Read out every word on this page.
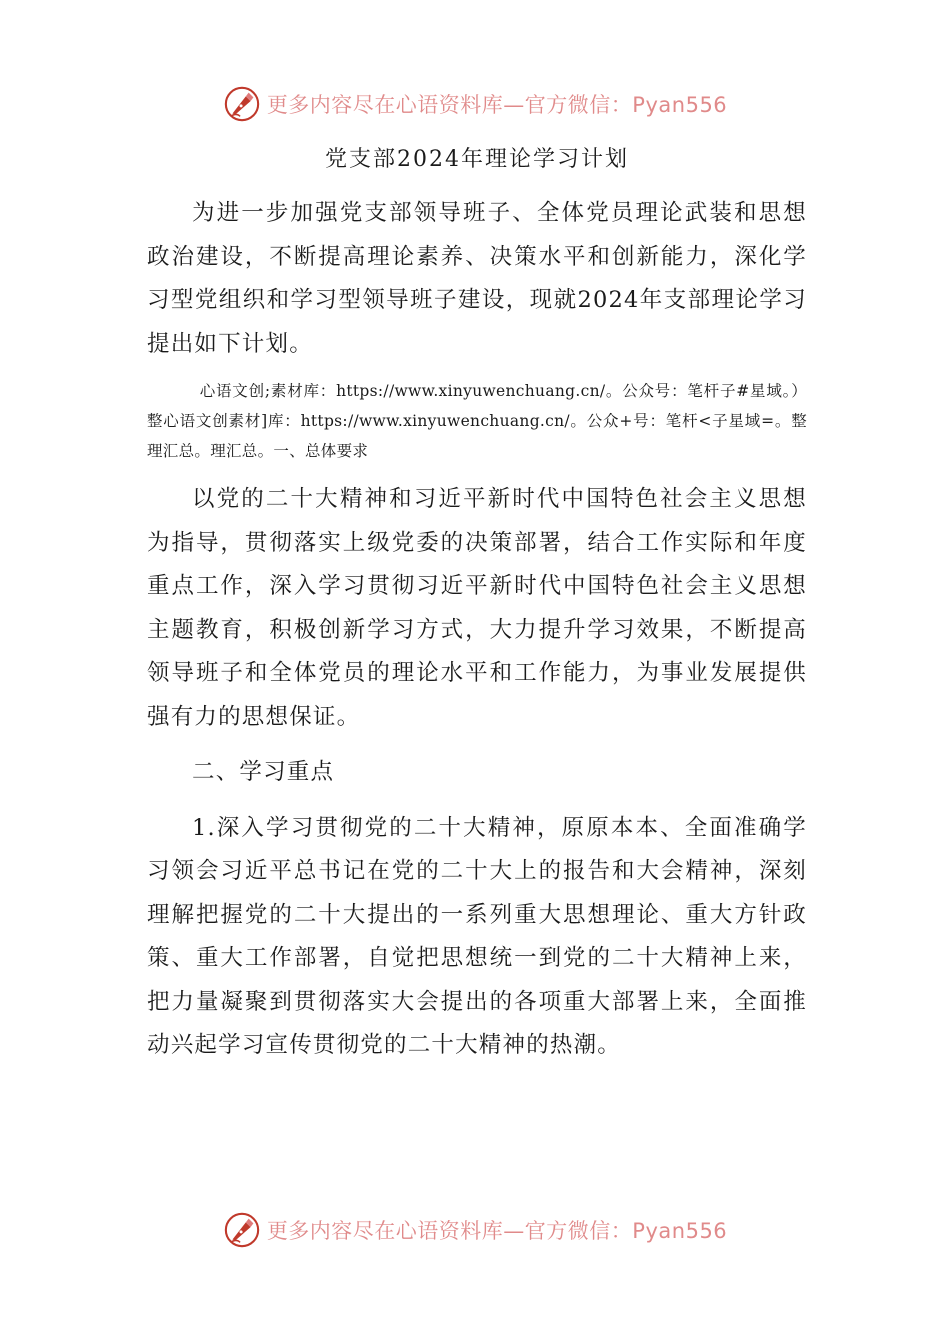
更多内容尽在心语资料库—官方微信：Pyan556
党支部2024年理论学习计划

为进一步加强党支部领导班子、全体党员理论武装和思想政治建设，不断提高理论素养、决策水平和创新能力，深化学习型党组织和学习型领导班子建设，现就2024年支部理论学习提出如下计划。

心语文创;素材库：https://www.xinyuwenchuang.cn/。公众号：笔杆子#星域。）整心语文创素材]库：https://www.xinyuwenchuang.cn/。公众+号：笔杆<子星域=。整理汇总。理汇总。一、总体要求

以党的二十大精神和习近平新时代中国特色社会主义思想为指导，贯彻落实上级党委的决策部署，结合工作实际和年度重点工作，深入学习贯彻习近平新时代中国特色社会主义思想主题教育，积极创新学习方式，大力提升学习效果，不断提高领导班子和全体党员的理论水平和工作能力，为事业发展提供强有力的思想保证。

二、学习重点

1.深入学习贯彻党的二十大精神，原原本本、全面准确学习领会习近平总书记在党的二十大上的报告和大会精神，深刻理解把握党的二十大提出的一系列重大思想理论、重大方针政策、重大工作部署，自觉把思想统一到党的二十大精神上来，把力量凝聚到贯彻落实大会提出的各项重大部署上来，全面推动兴起学习宣传贯彻党的二十大精神的热潮。

更多内容尽在心语资料库—官方微信：Pyan556
